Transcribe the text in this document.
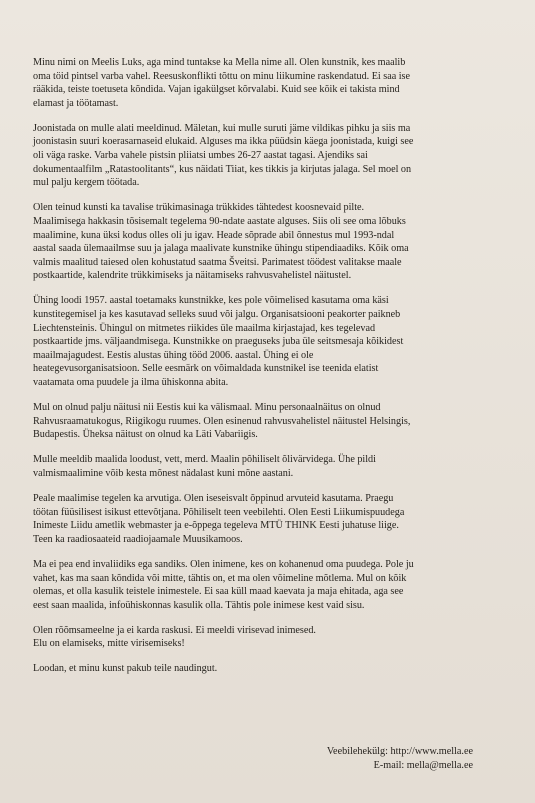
Minu nimi on Meelis Luks, aga mind tuntakse ka Mella nime all. Olen kunstnik, kes maalib
oma töid pintsel varba vahel. Reesuskonflikti tõttu on minu liikumine raskendatud. Ei saa ise
rääkida, teiste toetuseta kõndida. Vajan igakülgset kõrvalabi. Kuid see kõik ei takista mind
elamast ja töötamast.

Joonistada on mulle alati meeldinud. Mäletan, kui mulle suruti jäme vildikas pihku ja siis ma
joonistasin suuri koerasarnaseid elukaid. Alguses ma ikka püüdsin käega joonistada, kuigi see
oli väga raske. Varba vahele pistsin pliiatsi umbes 26-27 aastat tagasi. Ajendiks sai
dokumentaalfilm „Ratastoolitants“, kus näidati Tiiat, kes tikkis ja kirjutas jalaga. Sel moel on
mul palju kergem töötada.

Olen teinud kunsti ka tavalise trükimasinaga trükkides tähtedest koosnevaid pilte.
Maalimisega hakkasin tõsisemalt tegelema 90-ndate aastate alguses. Siis oli see oma lõbuks
maalimine, kuna üksi kodus olles oli ju igav. Heade sõprade abil õnnestus mul 1993-ndal
aastal saada ülemaailmse suu ja jalaga maalivate kunstnike ühingu stipendiaadiks. Kõik oma
valmis maalitud taiesed olen kohustatud saatma Šveitsi. Parimatest töödest valitakse maale
postkaartide, kalendrite trükkimiseks ja näitamiseks rahvusvahelistel näitustel.

Ühing loodi 1957. aastal toetamaks kunstnikke, kes pole võimelised kasutama oma käsi
kunstitegemisel ja kes kasutavad selleks suud või jalgu. Organisatsiooni peakorter paikneb
Liechtensteinis. Ühingul on mitmetes riikides üle maailma kirjastajad, kes tegelevad
postkaartide jms. väljaandmisega. Kunstnikke on praeguseks juba üle seitsmesaja kõikidest
maailmajagudest. Eestis alustas ühing tööd 2006. aastal. Ühing ei ole
heategevusorganisatsioon. Selle eesmärk on võimaldada kunstnikel ise teenida elatist
vaatamata oma puudele ja ilma ühiskonna abita.

Mul on olnud palju näitusi nii Eestis kui ka välismaal. Minu personaalnäitus on olnud
Rahvusraamatukogus, Riigikogu ruumes. Olen esinenud rahvusvahelistel näitustel Helsingis,
Budapestis. Üheksa näitust on olnud ka Läti Vabariigis.

Mulle meeldib maalida loodust, vett, merd. Maalin põhiliselt õlivärvidega. Ühe pildi
valmismaalimine võib kesta mõnest nädalast kuni mõne aastani.

Peale maalimise tegelen ka arvutiga. Olen iseseisvalt õppinud arvuteid kasutama. Praegu
töötan füüsilisest isikust ettevõtjana. Põhiliselt teen veebilehti. Olen Eesti Liikumispuudega
Inimeste Liidu ametlik webmaster ja e-õppega tegeleva MTÜ THINK Eesti juhatuse liige.
Teen ka raadiosaateid raadiojaamale Muusikamoos.

Ma ei pea end invaliidiks ega sandiks. Olen inimene, kes on kohanenud oma puudega. Pole ju
vahet, kas ma saan kõndida või mitte, tähtis on, et ma olen võimeline mõtlema. Mul on kõik
olemas, et olla kasulik teistele inimestele. Ei saa küll maad kaevata ja maja ehitada, aga see
eest saan maalida, infoühiskonnas kasulik olla. Tähtis pole inimese kest vaid sisu.

Olen rõõmsameelne ja ei karda raskusi. Ei meeldi virisevad inimesed.
Elu on elamiseks, mitte virisemiseks!

Loodan, et minu kunst pakub teile naudingut.

Veebilehekülg: http://www.mella.ee
E-mail: mella@mella.ee
